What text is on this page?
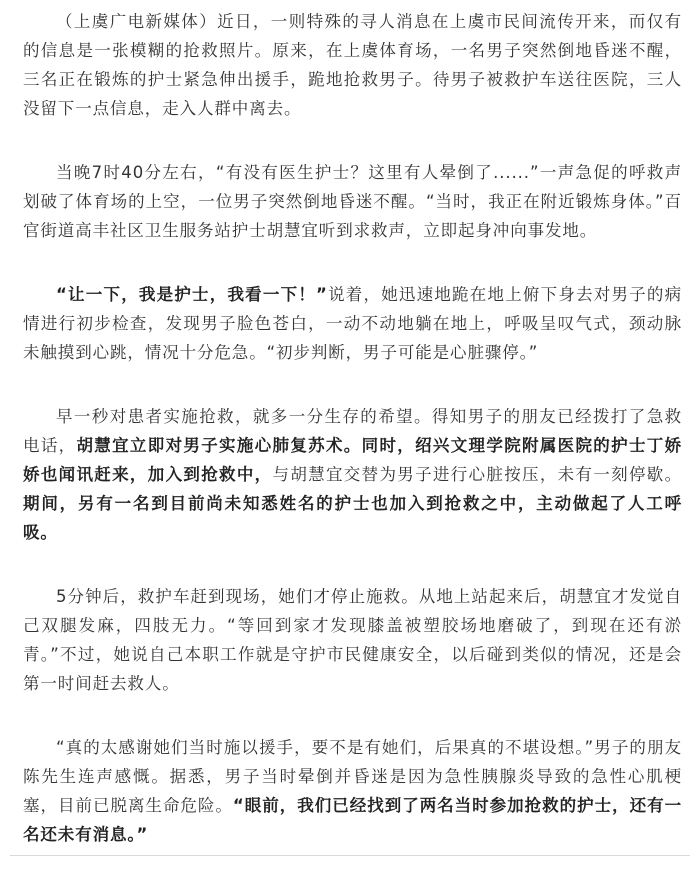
（上虞广电新媒体）近日，一则特殊的寻人消息在上虞市民间流传开来，而仅有的信息是一张模糊的抢救照片。原来，在上虞体育场，一名男子突然倒地昏迷不醒，三名正在锻炼的护士紧急伸出援手，跪地抢救男子。待男子被救护车送往医院，三人没留下一点信息，走入人群中离去。

当晚7时40分左右，“有没有医生护士？这里有人晕倒了......”一声急促的呼救声划破了体育场的上空，一位男子突然倒地昏迷不醒。“当时，我正在附近锻炼身体。”百官街道高丰社区卫生服务站护士胡慧宜听到求救声，立即起身冲向事发地。

“让一下，我是护士，我看一下！”说着，她迅速地跪在地上俯下身去对男子的病情进行初步检查，发现男子脸色苍白，一动不动地躺在地上，呼吸呈叹气式，颈动脉未触摸到心跳，情况十分危急。“初步判断，男子可能是心脏骤停。”

早一秒对患者实施抢救，就多一分生存的希望。得知男子的朋友已经拨打了急救电话，胡慧宜立即对男子实施心肺复苏术。同时，绍兴文理学院附属医院的护士丁娇娇也闻讯赶来，加入到抢救中，与胡慧宜交替为男子进行心脏按压，未有一刻停歇。期间，另有一名到目前尚未知悉姓名的护士也加入到抢救之中，主动做起了人工呼吸。

5分钟后，救护车赶到现场，她们才停止施救。从地上站起来后，胡慧宜才发觉自己双腿发麻，四肢无力。“等回到家才发现膝盖被塑胶场地磨破了，到现在还有淤青。”不过，她说自己本职工作就是守护市民健康安全，以后碰到类似的情况，还是会第一时间赶去救人。

“真的太感谢她们当时施以援手，要不是有她们，后果真的不堪设想。”男子的朋友陈先生连声感慨。据悉，男子当时晕倒并昏迷是因为急性胰腺炎导致的急性心肌梗塞，目前已脱离生命危险。“眼前，我们已经找到了两名当时参加抢救的护士，还有一名还未有消息。”
